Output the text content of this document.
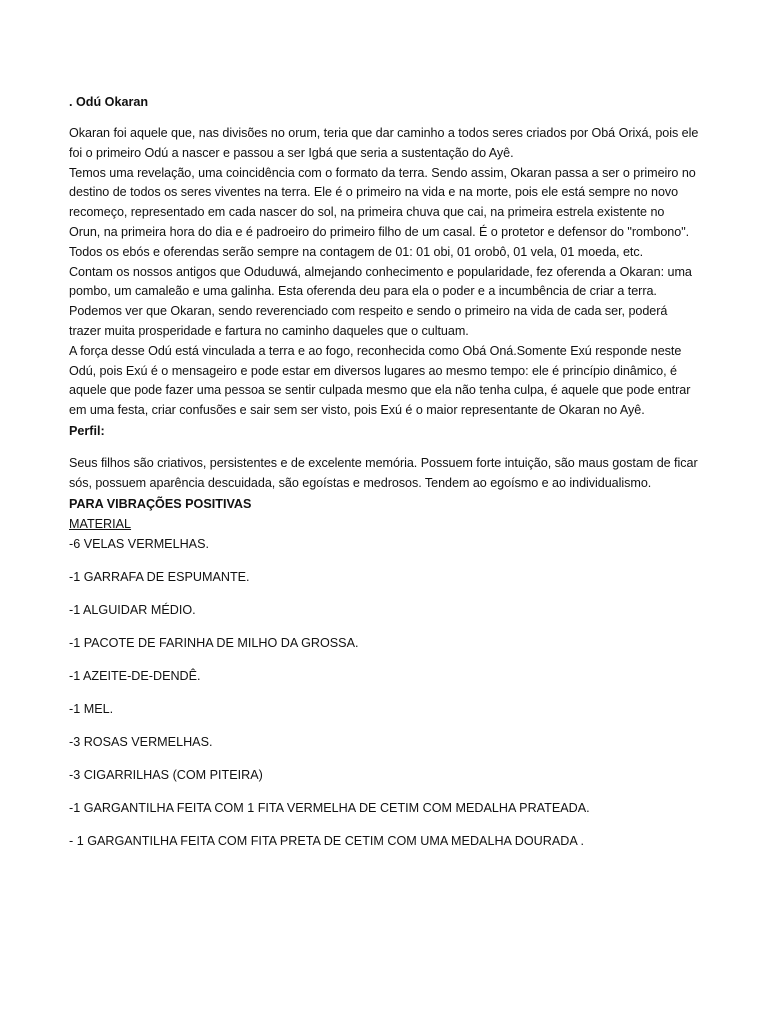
. Odú Okaran
Okaran foi aquele que, nas divisões no orum, teria que dar caminho a todos seres criados por Obá Orixá, pois ele foi o primeiro Odú a nascer e passou a ser Igbá que seria a sustentação do Ayê.
Temos uma revelação, uma coincidência com o formato da terra. Sendo assim, Okaran passa a ser o primeiro no destino de todos os seres viventes na terra. Ele é o primeiro na vida e na morte, pois ele está sempre no novo recomeço, representado em cada nascer do sol, na primeira chuva que cai, na primeira estrela existente no Orun, na primeira hora do dia e é padroeiro do primeiro filho de um casal. É o protetor e defensor do "rombono". Todos os ebós e oferendas serão sempre na contagem de 01: 01 obi, 01 orobô, 01 vela, 01 moeda, etc.
Contam os nossos antigos que Oduduwá, almejando conhecimento e popularidade, fez oferenda a Okaran: uma pombo, um camaleão e uma galinha. Esta oferenda deu para ela o poder e a incumbência de criar a terra.
Podemos ver que Okaran, sendo reverenciado com respeito e sendo o primeiro na vida de cada ser, poderá trazer muita prosperidade e fartura no caminho daqueles que o cultuam.
A força desse Odú está vinculada a terra e ao fogo, reconhecida como Obá Oná.Somente Exú responde neste Odú, pois Exú é o mensageiro e pode estar em diversos lugares ao mesmo tempo: ele é princípio dinâmico, é aquele que pode fazer uma pessoa se sentir culpada mesmo que ela não tenha culpa, é aquele que pode entrar em uma festa, criar confusões e sair sem ser visto, pois Exú é o maior representante de Okaran no Ayê.
Perfil:
Seus filhos são criativos, persistentes e de excelente memória. Possuem forte intuição, são maus gostam de ficar sós, possuem aparência descuidada, são egoístas e medrosos. Tendem ao egoísmo e ao individualismo.
PARA VIBRAÇÕES POSITIVAS
MATERIAL
-6 VELAS VERMELHAS.
-1 GARRAFA DE ESPUMANTE.
-1 ALGUIDAR MÉDIO.
-1 PACOTE DE FARINHA DE MILHO DA GROSSA.
-1 AZEITE-DE-DENDÊ.
-1 MEL.
-3 ROSAS VERMELHAS.
-3 CIGARRILHAS (COM PITEIRA)
-1 GARGANTILHA FEITA COM 1 FITA VERMELHA DE CETIM COM MEDALHA PRATEADA.
- 1 GARGANTILHA FEITA COM FITA PRETA DE CETIM COM UMA MEDALHA DOURADA .
